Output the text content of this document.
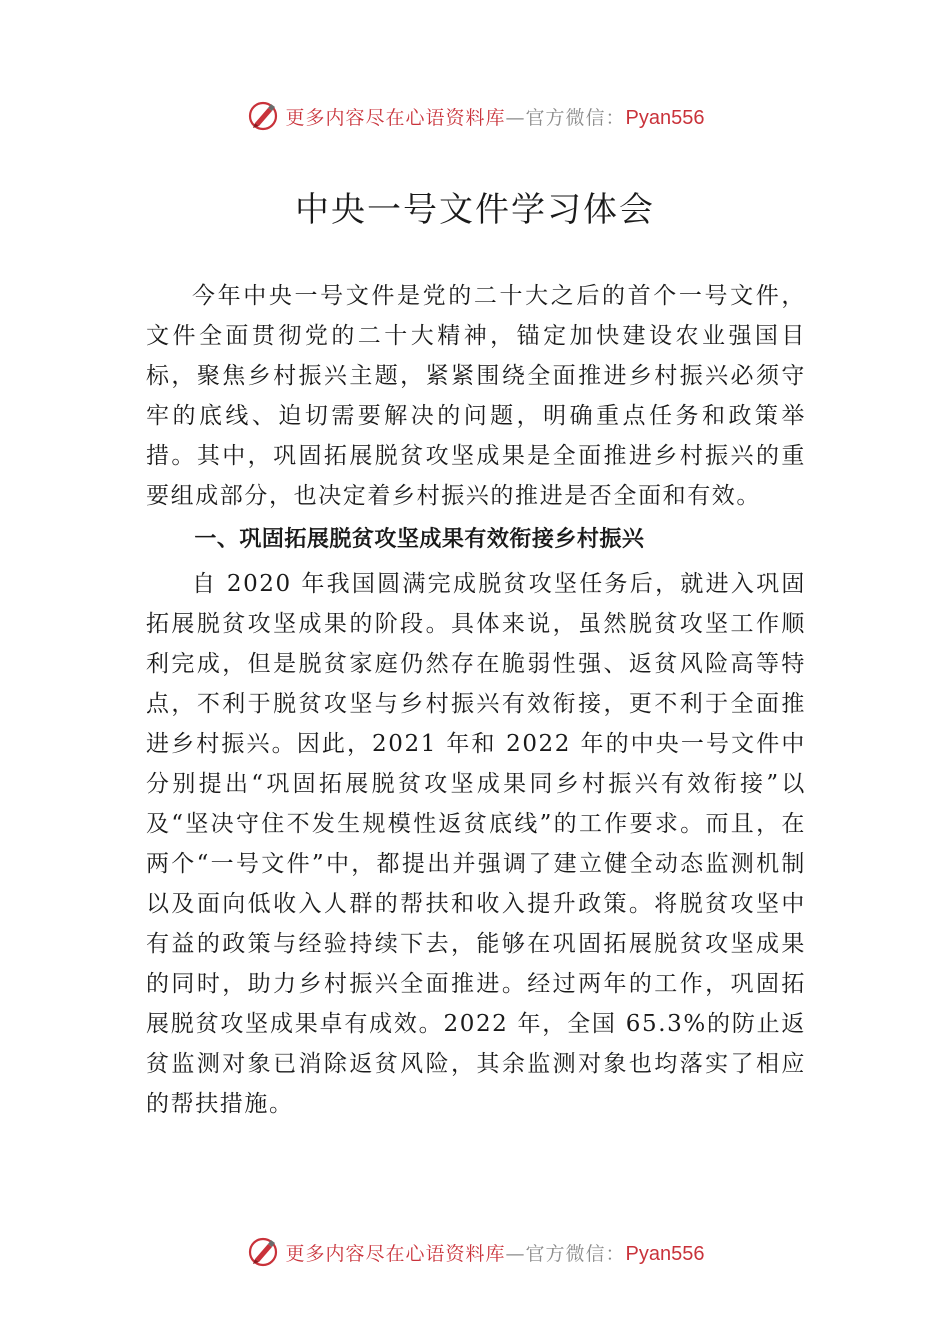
更多内容尽在心语资料库—官方微信：Pyan556
中央一号文件学习体会

今年中央一号文件是党的二十大之后的首个一号文件，文件全面贯彻党的二十大精神，锚定加快建设农业强国目标，聚焦乡村振兴主题，紧紧围绕全面推进乡村振兴必须守牢的底线、迫切需要解决的问题，明确重点任务和政策举措。其中，巩固拓展脱贫攻坚成果是全面推进乡村振兴的重要组成部分，也决定着乡村振兴的推进是否全面和有效。

一、巩固拓展脱贫攻坚成果有效衔接乡村振兴

自 2020 年我国圆满完成脱贫攻坚任务后，就进入巩固拓展脱贫攻坚成果的阶段。具体来说，虽然脱贫攻坚工作顺利完成，但是脱贫家庭仍然存在脆弱性强、返贫风险高等特点，不利于脱贫攻坚与乡村振兴有效衔接，更不利于全面推进乡村振兴。因此，2021 年和 2022 年的中央一号文件中分别提出“巩固拓展脱贫攻坚成果同乡村振兴有效衔接”以及“坚决守住不发生规模性返贫底线”的工作要求。而且，在两个“一号文件”中，都提出并强调了建立健全动态监测机制以及面向低收入人群的帮扶和收入提升政策。将脱贫攻坚中有益的政策与经验持续下去，能够在巩固拓展脱贫攻坚成果的同时，助力乡村振兴全面推进。经过两年的工作，巩固拓展脱贫攻坚成果卓有成效。2022 年，全国 65.3%的防止返贫监测对象已消除返贫风险，其余监测对象也均落实了相应的帮扶措施。

更多内容尽在心语资料库—官方微信：Pyan556
